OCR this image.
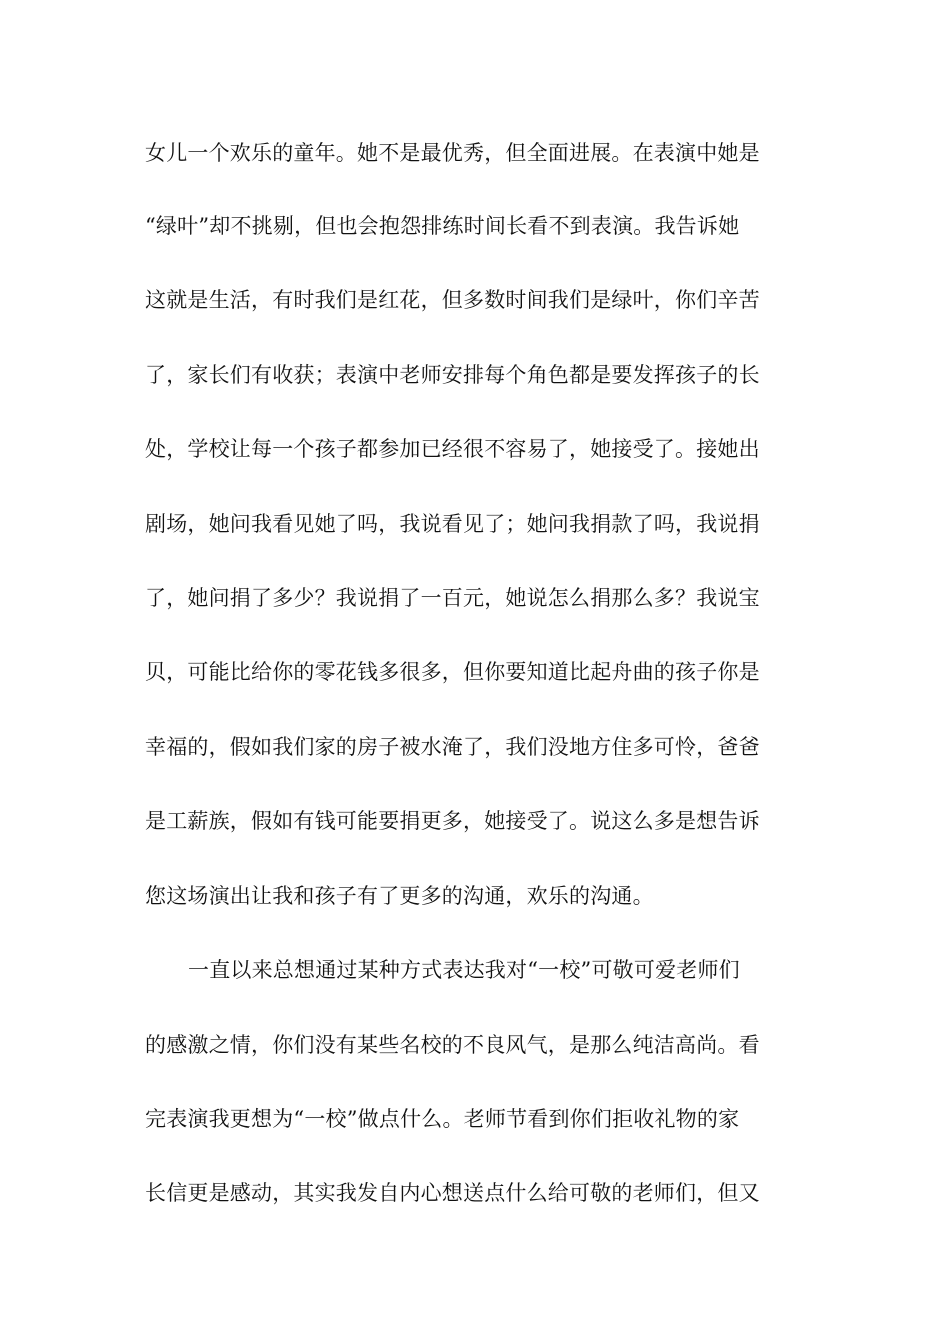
女儿一个欢乐的童年。她不是最优秀，但全面进展。在表演中她是
“绿叶”却不挑剔，但也会抱怨排练时间长看不到表演。我告诉她
这就是生活，有时我们是红花，但多数时间我们是绿叶，你们辛苦
了，家长们有收获；表演中老师安排每个角色都是要发挥孩子的长
处，学校让每一个孩子都参加已经很不容易了，她接受了。接她出
剧场，她问我看见她了吗，我说看见了；她问我捐款了吗，我说捐
了，她问捐了多少？我说捐了一百元，她说怎么捐那么多？我说宝
贝，可能比给你的零花钱多很多，但你要知道比起舟曲的孩子你是
幸福的，假如我们家的房子被水淹了，我们没地方住多可怜，爸爸
是工薪族，假如有钱可能要捐更多，她接受了。说这么多是想告诉
您这场演出让我和孩子有了更多的沟通，欢乐的沟通。
一直以来总想通过某种方式表达我对“一校”可敬可爱老师们
的感激之情，你们没有某些名校的不良风气，是那么纯洁高尚。看
完表演我更想为“一校”做点什么。老师节看到你们拒收礼物的家
长信更是感动，其实我发自内心想送点什么给可敬的老师们，但又
